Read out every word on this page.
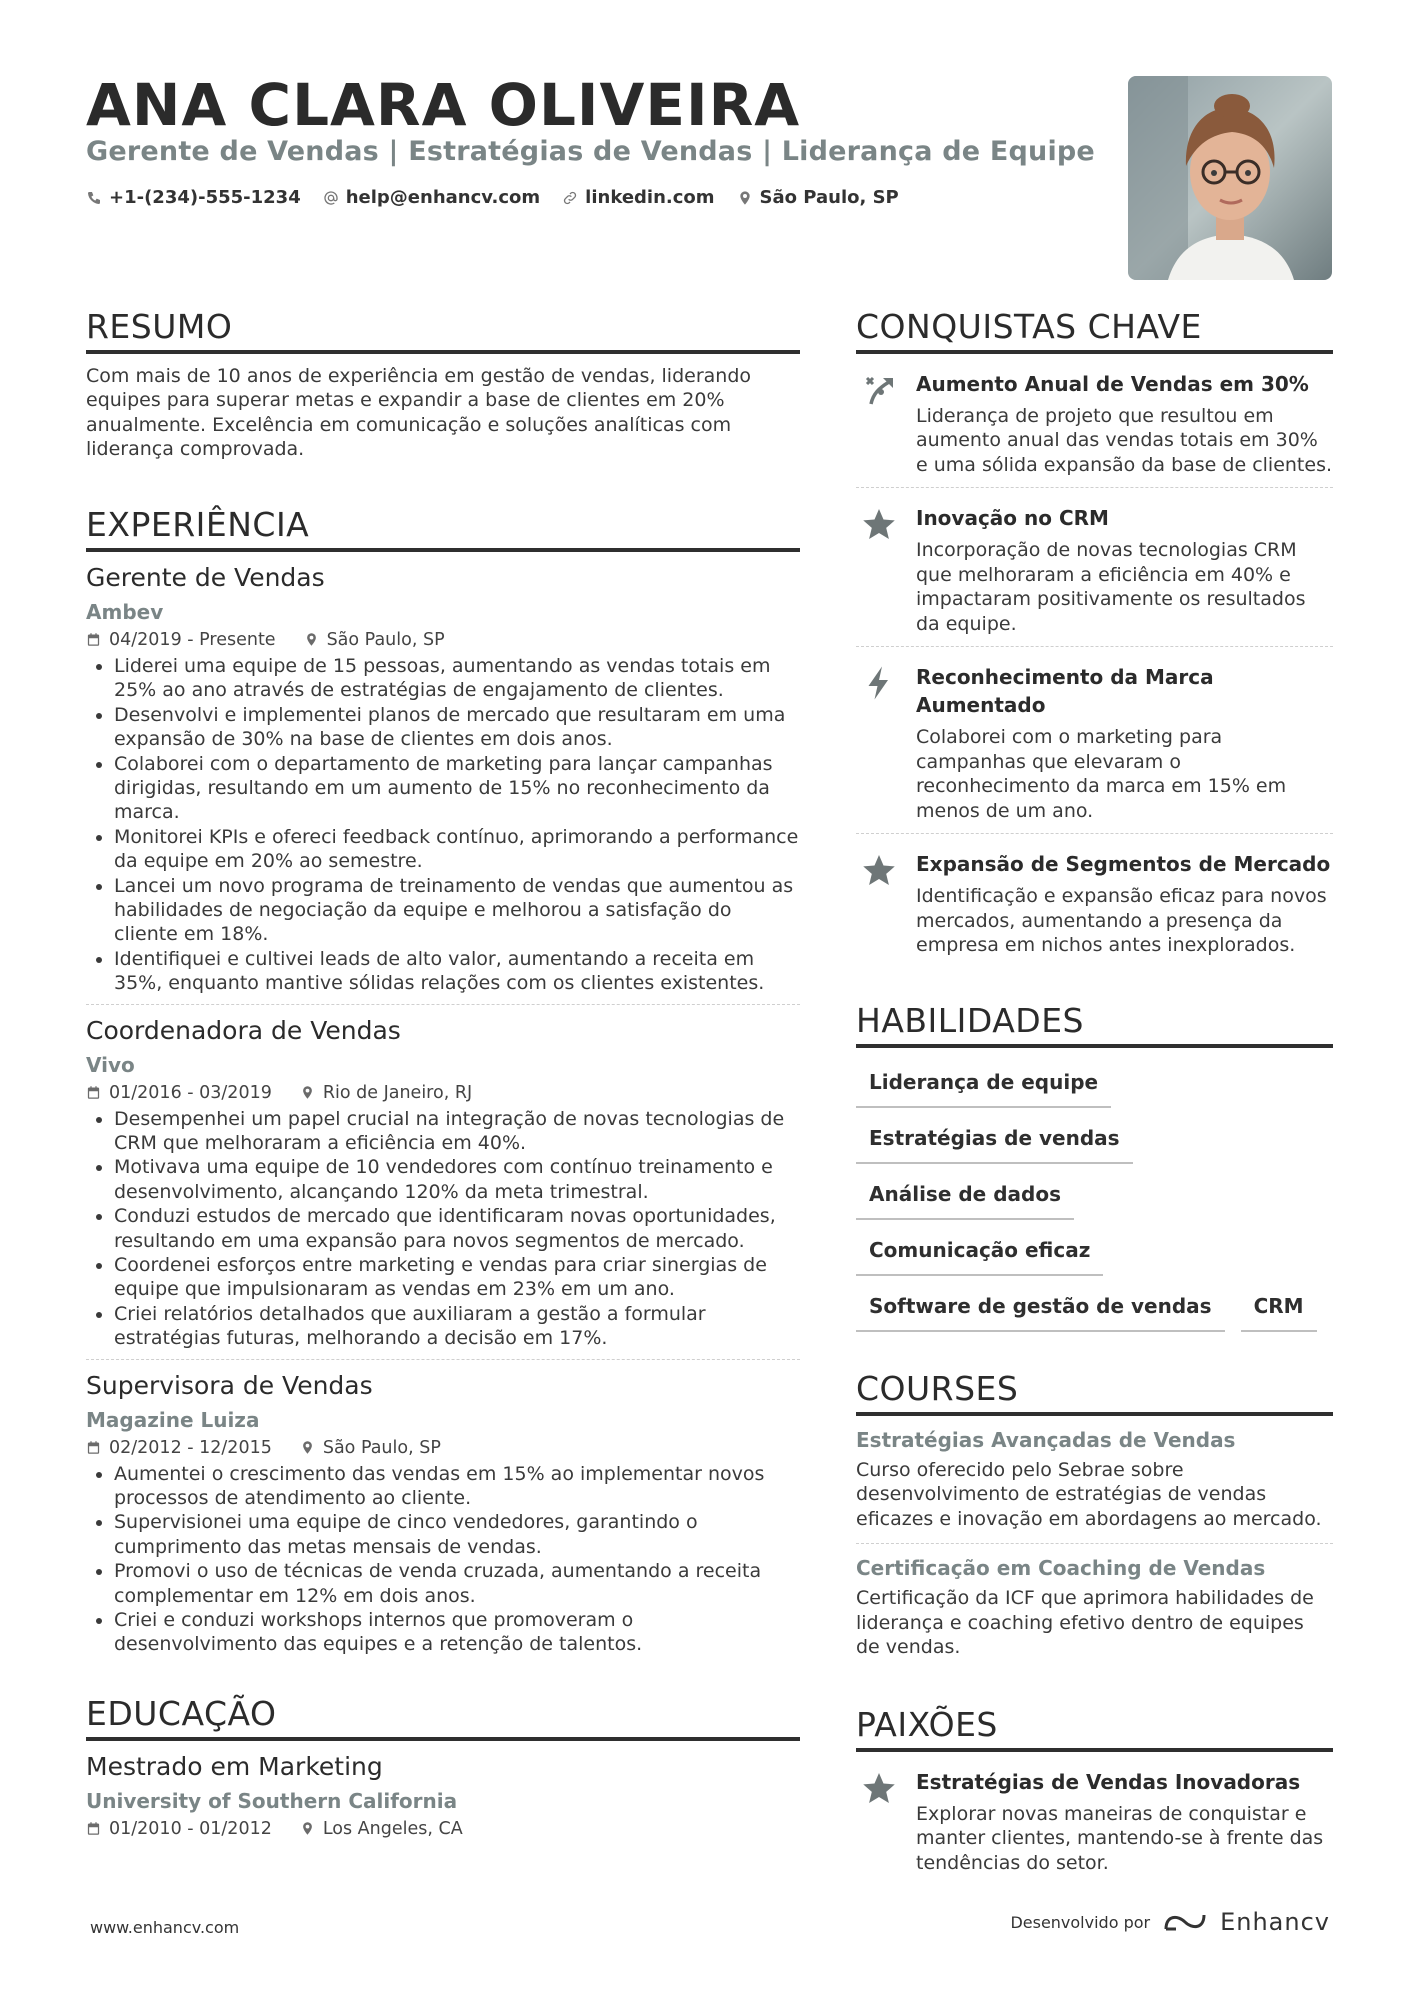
ANA CLARA OLIVEIRA
Gerente de Vendas | Estratégias de Vendas | Liderança de Equipe
+1-(234)-555-1234	help@enhancv.com	linkedin.com	São Paulo, SP
RESUMO
Com mais de 10 anos de experiência em gestão de vendas, liderando equipes para superar metas e expandir a base de clientes em 20% anualmente. Excelência em comunicação e soluções analíticas com liderança comprovada.
EXPERIÊNCIA
Gerente de Vendas
Ambev
04/2019 - Presente	São Paulo, SP
• Liderei uma equipe de 15 pessoas, aumentando as vendas totais em 25% ao ano através de estratégias de engajamento de clientes.
• Desenvolvi e implementei planos de mercado que resultaram em uma expansão de 30% na base de clientes em dois anos.
• Colaborei com o departamento de marketing para lançar campanhas dirigidas, resultando em um aumento de 15% no reconhecimento da marca.
• Monitorei KPIs e ofereci feedback contínuo, aprimorando a performance da equipe em 20% ao semestre.
• Lancei um novo programa de treinamento de vendas que aumentou as habilidades de negociação da equipe e melhorou a satisfação do cliente em 18%.
• Identifiquei e cultivei leads de alto valor, aumentando a receita em 35%, enquanto mantive sólidas relações com os clientes existentes.
Coordenadora de Vendas
Vivo
01/2016 - 03/2019	Rio de Janeiro, RJ
• Desempenhei um papel crucial na integração de novas tecnologias de CRM que melhoraram a eficiência em 40%.
• Motivava uma equipe de 10 vendedores com contínuo treinamento e desenvolvimento, alcançando 120% da meta trimestral.
• Conduzi estudos de mercado que identificaram novas oportunidades, resultando em uma expansão para novos segmentos de mercado.
• Coordenei esforços entre marketing e vendas para criar sinergias de equipe que impulsionaram as vendas em 23% em um ano.
• Criei relatórios detalhados que auxiliaram a gestão a formular estratégias futuras, melhorando a decisão em 17%.
Supervisora de Vendas
Magazine Luiza
02/2012 - 12/2015	São Paulo, SP
• Aumentei o crescimento das vendas em 15% ao implementar novos processos de atendimento ao cliente.
• Supervisionei uma equipe de cinco vendedores, garantindo o cumprimento das metas mensais de vendas.
• Promovi o uso de técnicas de venda cruzada, aumentando a receita complementar em 12% em dois anos.
• Criei e conduzi workshops internos que promoveram o desenvolvimento das equipes e a retenção de talentos.
EDUCAÇÃO
Mestrado em Marketing
University of Southern California
01/2010 - 01/2012	Los Angeles, CA
CONQUISTAS CHAVE
Aumento Anual de Vendas em 30%
Liderança de projeto que resultou em aumento anual das vendas totais em 30% e uma sólida expansão da base de clientes.
Inovação no CRM
Incorporação de novas tecnologias CRM que melhoraram a eficiência em 40% e impactaram positivamente os resultados da equipe.
Reconhecimento da Marca Aumentado
Colaborei com o marketing para campanhas que elevaram o reconhecimento da marca em 15% em menos de um ano.
Expansão de Segmentos de Mercado
Identificação e expansão eficaz para novos mercados, aumentando a presença da empresa em nichos antes inexplorados.
HABILIDADES
Liderança de equipe
Estratégias de vendas
Análise de dados
Comunicação eficaz
Software de gestão de vendas	CRM
COURSES
Estratégias Avançadas de Vendas
Curso oferecido pelo Sebrae sobre desenvolvimento de estratégias de vendas eficazes e inovação em abordagens ao mercado.
Certificação em Coaching de Vendas
Certificação da ICF que aprimora habilidades de liderança e coaching efetivo dentro de equipes de vendas.
PAIXÕES
Estratégias de Vendas Inovadoras
Explorar novas maneiras de conquistar e manter clientes, mantendo-se à frente das tendências do setor.
www.enhancv.com	Desenvolvido por	Enhancv
